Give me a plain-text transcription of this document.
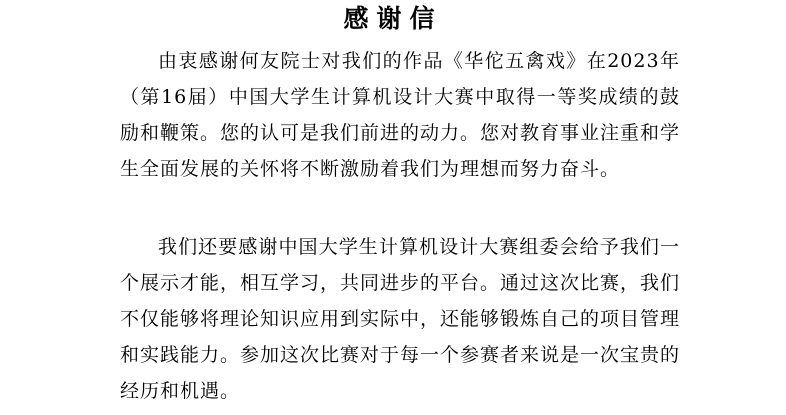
感谢信

由衷感谢何友院士对我们的作品《华佗五禽戏》在2023年（第16届）中国大学生计算机设计大赛中取得一等奖成绩的鼓励和鞭策。您的认可是我们前进的动力。您对教育事业注重和学生全面发展的关怀将不断激励着我们为理想而努力奋斗。

我们还要感谢中国大学生计算机设计大赛组委会给予我们一个展示才能，相互学习，共同进步的平台。通过这次比赛，我们不仅能够将理论知识应用到实际中，还能够锻炼自己的项目管理和实践能力。参加这次比赛对于每一个参赛者来说是一次宝贵的经历和机遇。
